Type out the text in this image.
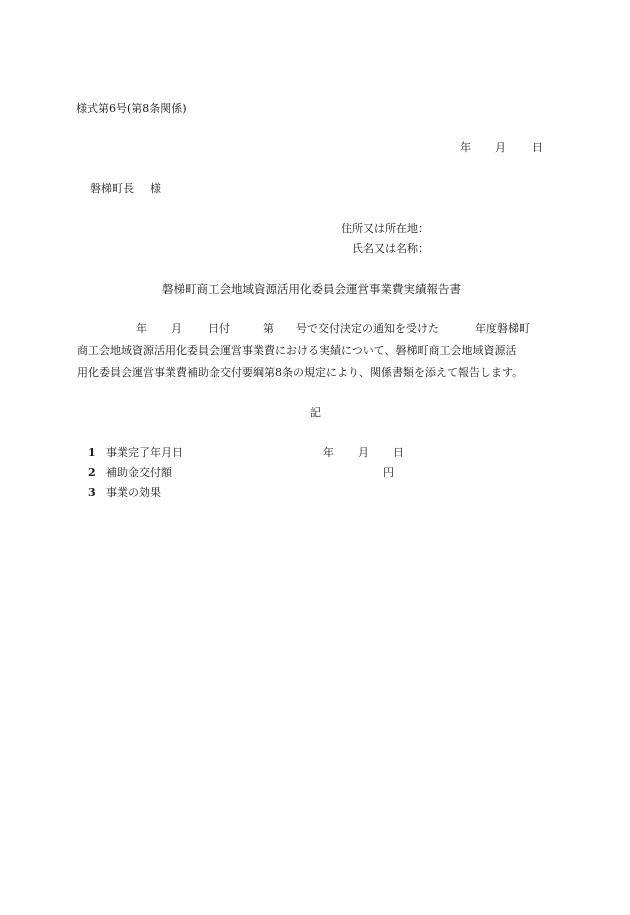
様式第6号(第8条関係)
年 月 日
磐梯町長 様
住所又は所在地：
氏名又は名称：
磐梯町商工会地域資源活用化委員会運営事業費実績報告書
年 月 日付	第 号で交付決定の通知を受けた	年度磐梯町
商工会地域資源活用化委員会運営事業費における実績について、磐梯町商工会地域資源活
用化委員会運営事業費補助金交付要綱第8条の規定により、関係書類を添えて報告します。
記
1 事業完了年月日	年 月 日
2 補助金交付額	円
3 事業の効果
